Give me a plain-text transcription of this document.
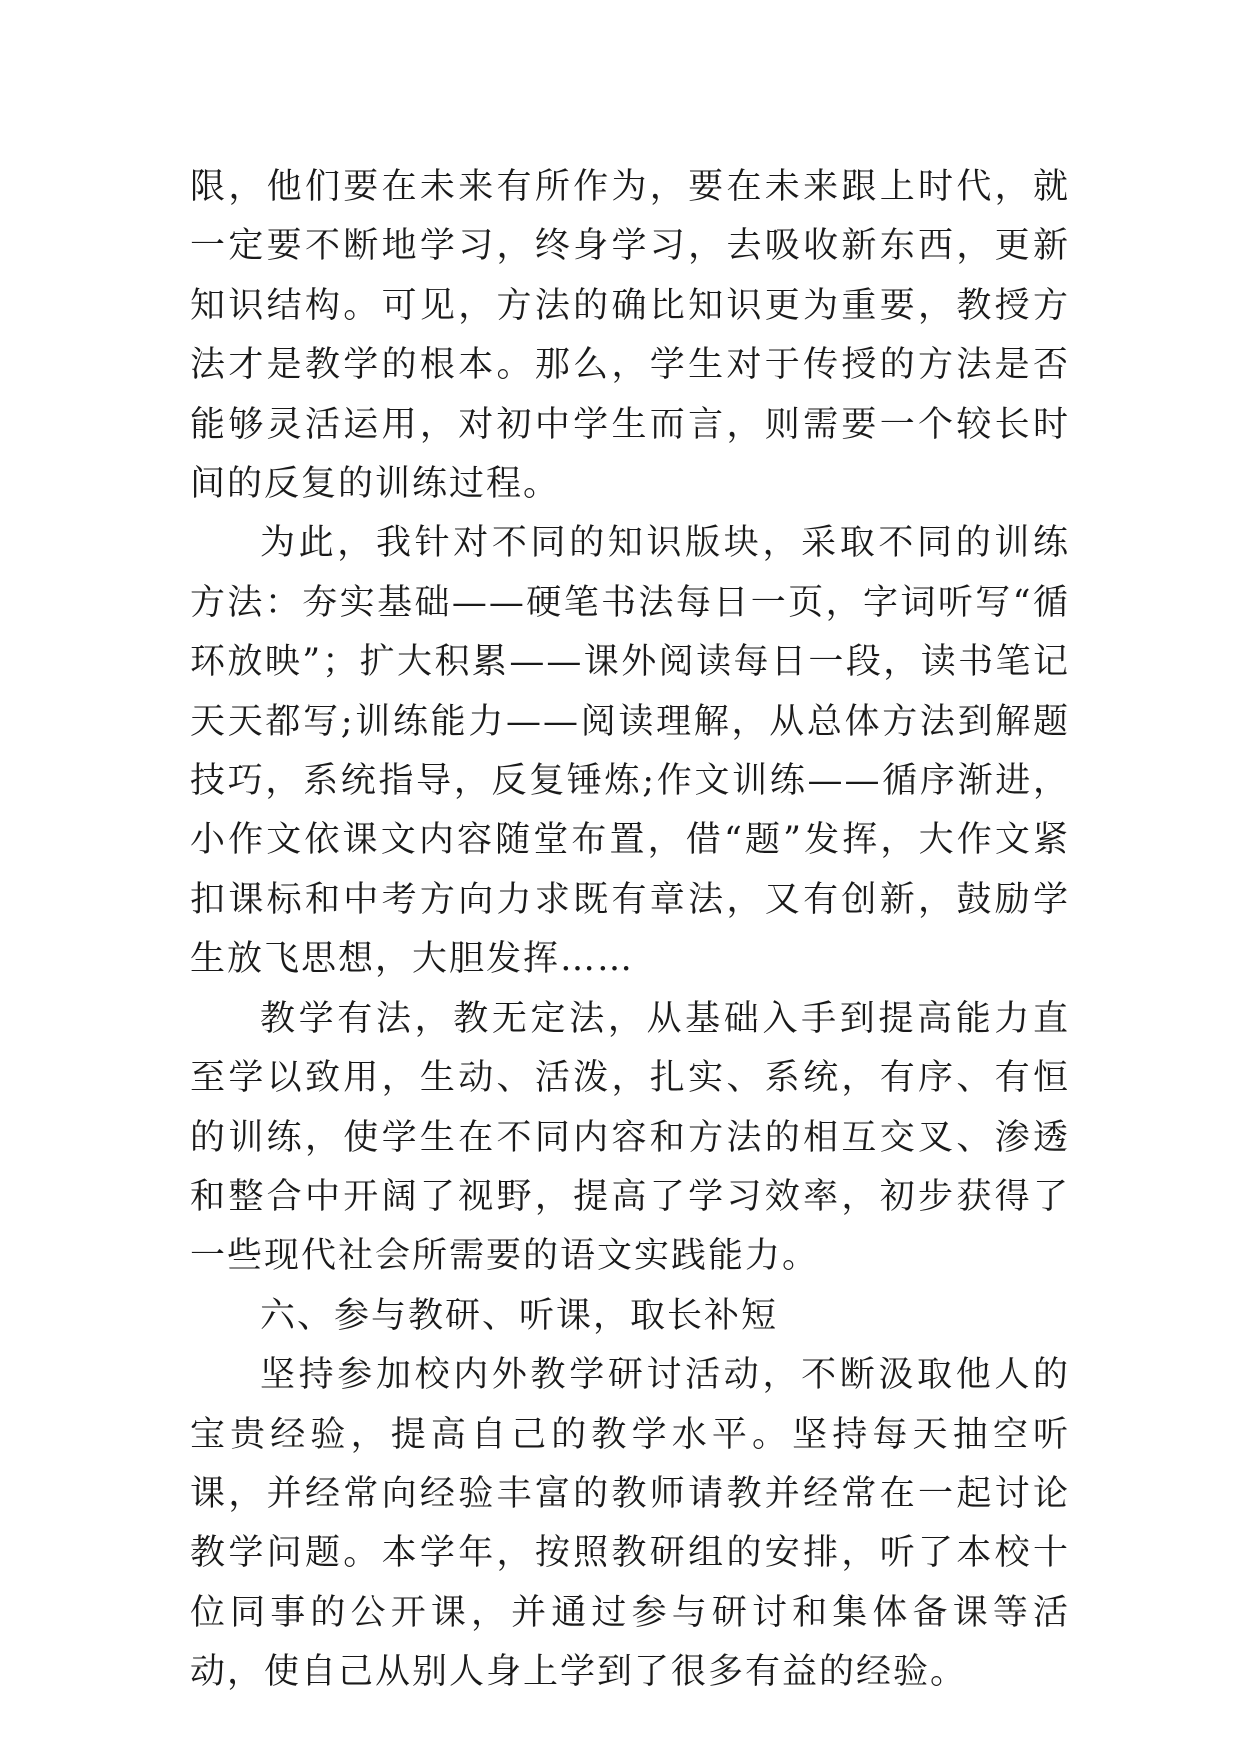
限，他们要在未来有所作为，要在未来跟上时代，就一定要不断地学习，终身学习，去吸收新东西，更新知识结构。可见，方法的确比知识更为重要，教授方法才是教学的根本。那么，学生对于传授的方法是否能够灵活运用，对初中学生而言，则需要一个较长时间的反复的训练过程。

为此，我针对不同的知识版块，采取不同的训练方法：夯实基础——硬笔书法每日一页，字词听写“循环放映”；扩大积累——课外阅读每日一段，读书笔记天天都写;训练能力——阅读理解，从总体方法到解题技巧，系统指导，反复锤炼;作文训练——循序渐进，小作文依课文内容随堂布置，借“题”发挥，大作文紧扣课标和中考方向力求既有章法，又有创新，鼓励学生放飞思想，大胆发挥……

教学有法，教无定法，从基础入手到提高能力直至学以致用，生动、活泼，扎实、系统，有序、有恒的训练，使学生在不同内容和方法的相互交叉、渗透和整合中开阔了视野，提高了学习效率，初步获得了一些现代社会所需要的语文实践能力。

六、参与教研、听课，取长补短

坚持参加校内外教学研讨活动，不断汲取他人的宝贵经验，提高自己的教学水平。坚持每天抽空听课，并经常向经验丰富的教师请教并经常在一起讨论教学问题。本学年，按照教研组的安排，听了本校十位同事的公开课，并通过参与研讨和集体备课等活动，使自己从别人身上学到了很多有益的经验。
